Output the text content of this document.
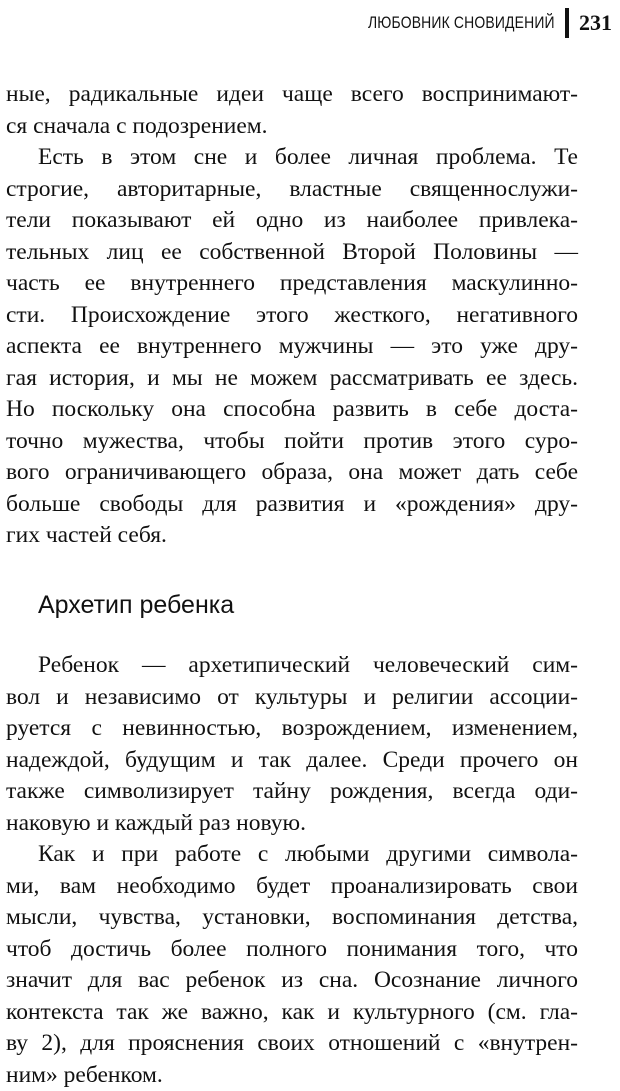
ЛЮБОВНИК СНОВИДЕНИЙ 231
ные, радикальные идеи чаще всего воспринимают-
ся сначала с подозрением.
Есть в этом сне и более личная проблема. Те
строгие, авторитарные, властные священнослужи-
тели показывают ей одно из наиболее привлека-
тельных лиц ее собственной Второй Половины —
часть ее внутреннего представления маскулинно-
сти. Происхождение этого жесткого, негативного
аспекта ее внутреннего мужчины — это уже дру-
гая история, и мы не можем рассматривать ее здесь.
Но поскольку она способна развить в себе доста-
точно мужества, чтобы пойти против этого суро-
вого ограничивающего образа, она может дать себе
больше свободы для развития и «рождения» дру-
гих частей себя.
Архетип ребенка
Ребенок — архетипический человеческий сим-
вол и независимо от культуры и религии ассоции-
руется с невинностью, возрождением, изменением,
надеждой, будущим и так далее. Среди прочего он
также символизирует тайну рождения, всегда оди-
наковую и каждый раз новую.
Как и при работе с любыми другими символа-
ми, вам необходимо будет проанализировать свои
мысли, чувства, установки, воспоминания детства,
чтоб достичь более полного понимания того, что
значит для вас ребенок из сна. Осознание личного
контекста так же важно, как и культурного (см. гла-
ву 2), для прояснения своих отношений с «внутрен-
ним» ребенком.
